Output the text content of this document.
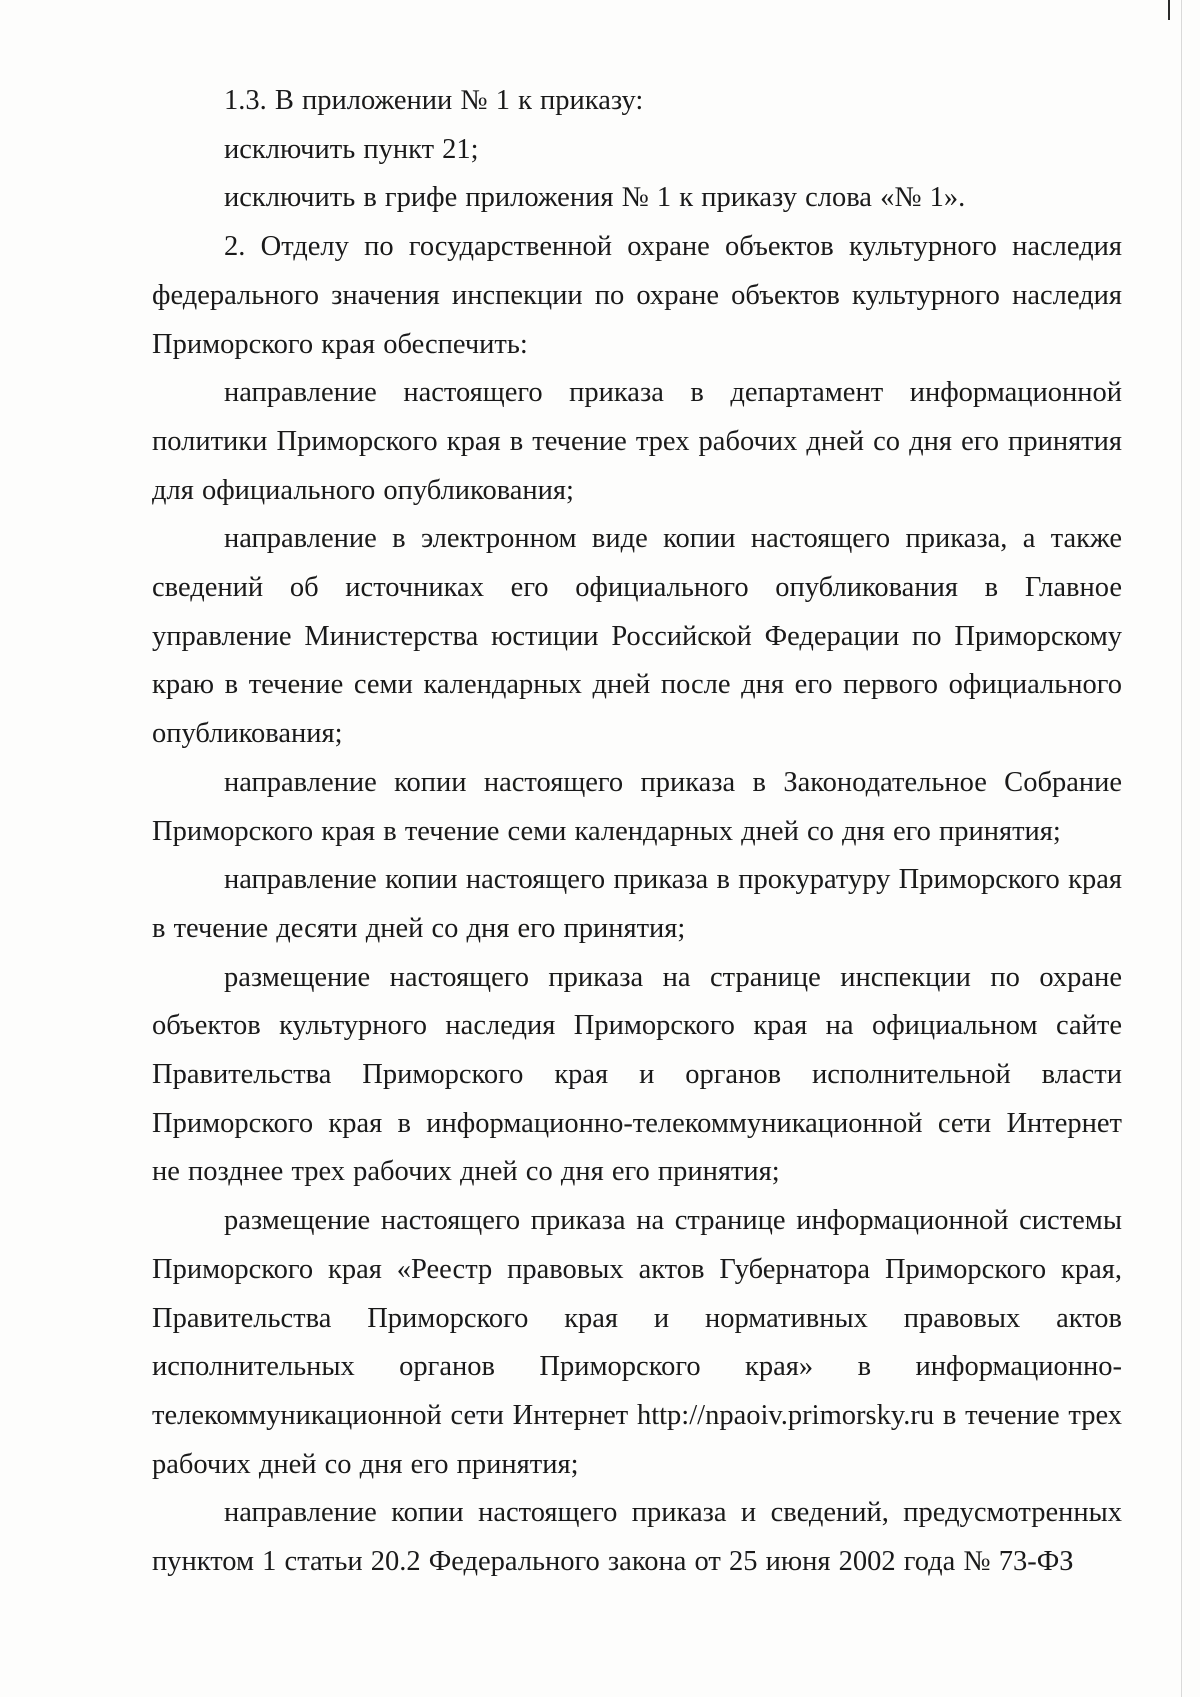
1.3. В приложении № 1 к приказу:

исключить пункт 21;

исключить в грифе приложения № 1 к приказу слова «№ 1».

2. Отделу по государственной охране объектов культурного наследия федерального значения инспекции по охране объектов культурного наследия Приморского края обеспечить:

направление настоящего приказа в департамент информационной политики Приморского края в течение трех рабочих дней со дня его принятия для официального опубликования;

направление в электронном виде копии настоящего приказа, а также сведений об источниках его официального опубликования в Главное управление Министерства юстиции Российской Федерации по Приморскому краю в течение семи календарных дней после дня его первого официального опубликования;

направление копии настоящего приказа в Законодательное Собрание Приморского края в течение семи календарных дней со дня его принятия;

направление копии настоящего приказа в прокуратуру Приморского края в течение десяти дней со дня его принятия;

размещение настоящего приказа на странице инспекции по охране объектов культурного наследия Приморского края на официальном сайте Правительства Приморского края и органов исполнительной власти Приморского края в информационно-телекоммуникационной сети Интернет не позднее трех рабочих дней со дня его принятия;

размещение настоящего приказа на странице информационной системы Приморского края «Реестр правовых актов Губернатора Приморского края, Правительства Приморского края и нормативных правовых актов исполнительных органов Приморского края» в информационно-телекоммуникационной сети Интернет http://npaoiv.primorsky.ru в течение трех рабочих дней со дня его принятия;

направление копии настоящего приказа и сведений, предусмотренных пунктом 1 статьи 20.2 Федерального закона от 25 июня 2002 года № 73-ФЗ
